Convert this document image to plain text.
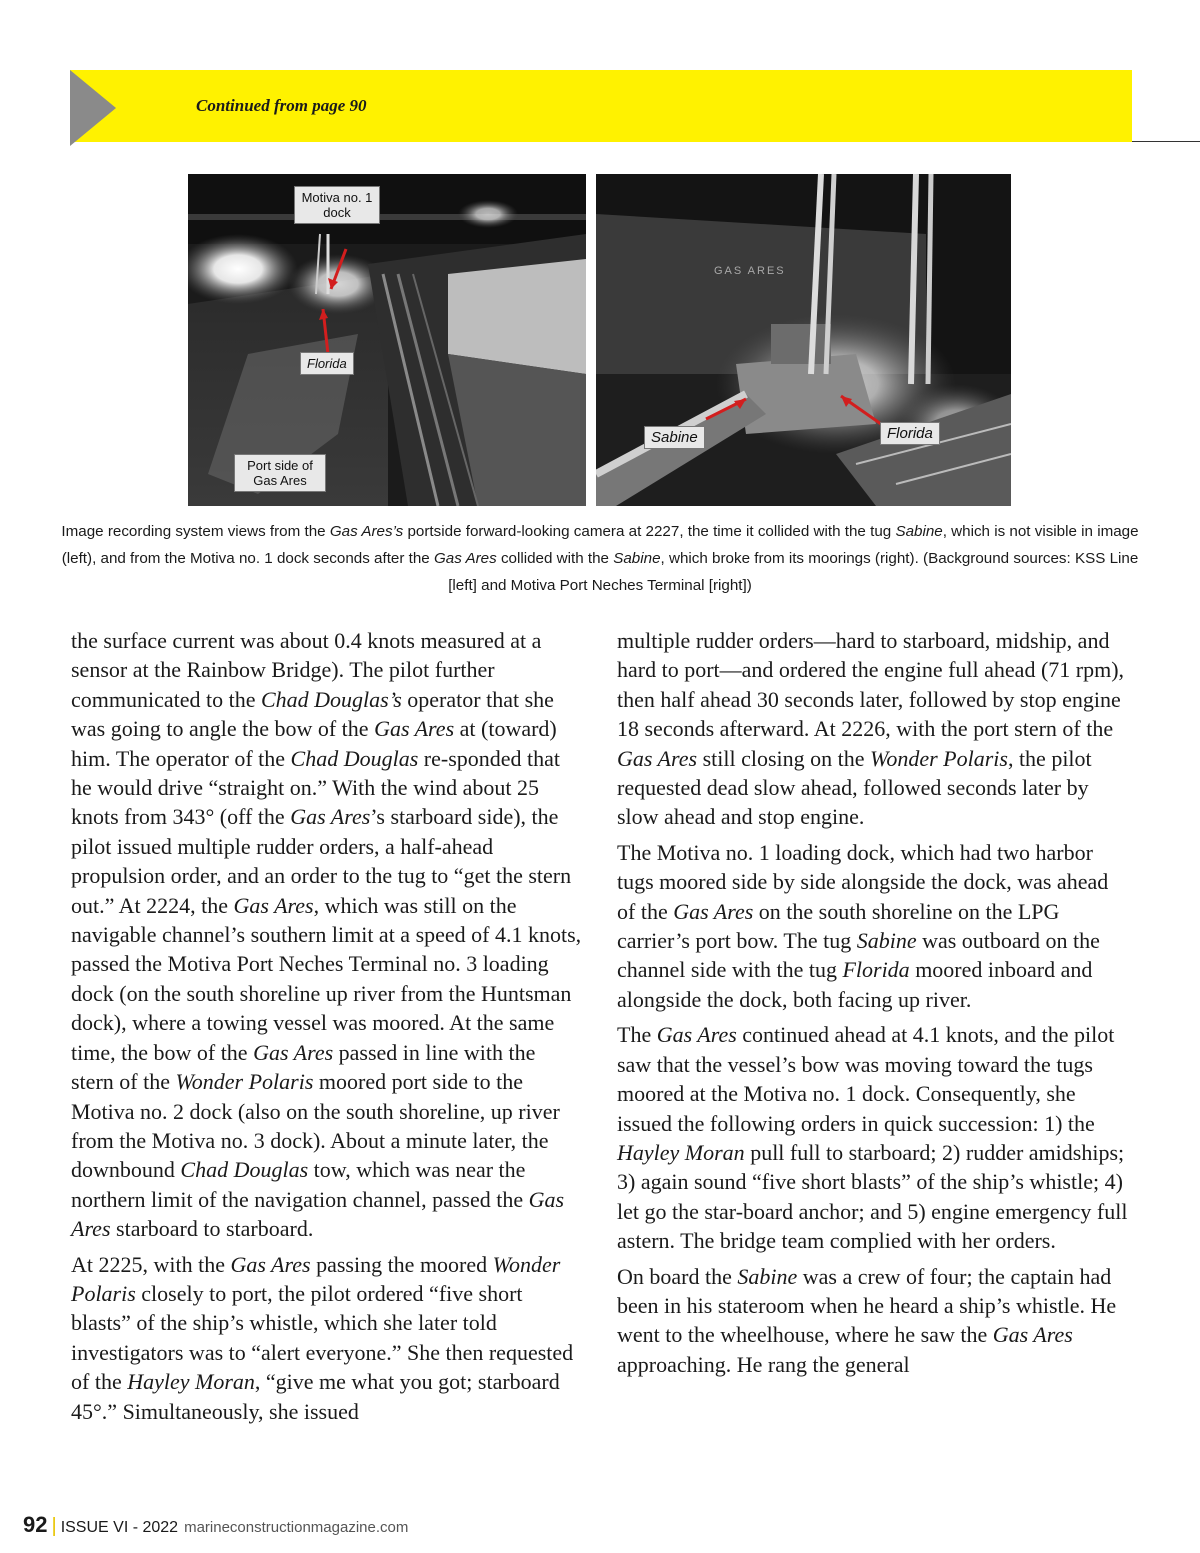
Continued from page 90
Motiva no. 1
dock
Florida
Port side of
Gas Ares
GAS ARES
Sabine	Florida
Image recording system views from the Gas Ares’s portside forward-looking camera at 2227, the time it collided with the tug Sabine, which is not visible in image (left), and from the Motiva no. 1 dock seconds after the Gas Ares collided with the Sabine, which broke from its moorings (right). (Background sources: KSS Line [left] and Motiva Port Neches Terminal [right])

the surface current was about 0.4 knots measured at a sensor at the Rainbow Bridge). The pilot further communicated to the Chad Douglas’s operator that she was going to angle the bow of the Gas Ares at (toward) him. The operator of the Chad Douglas re-sponded that he would drive “straight on.” With the wind about 25 knots from 343° (off the Gas Ares’s starboard side), the pilot issued multiple rudder orders, a half-ahead propulsion order, and an order to the tug to “get the stern out.” At 2224, the Gas Ares, which was still on the navigable channel’s southern limit at a speed of 4.1 knots, passed the Motiva Port Neches Terminal no. 3 loading dock (on the south shoreline up river from the Huntsman dock), where a towing vessel was moored. At the same time, the bow of the Gas Ares passed in line with the stern of the Wonder Polaris moored port side to the Motiva no. 2 dock (also on the south shoreline, up river from the Motiva no. 3 dock). About a minute later, the downbound Chad Douglas tow, which was near the northern limit of the navigation channel, passed the Gas Ares starboard to starboard.

At 2225, with the Gas Ares passing the moored Wonder Polaris closely to port, the pilot ordered “five short blasts” of the ship’s whistle, which she later told investigators was to “alert everyone.” She then requested of the Hayley Moran, “give me what you got; starboard 45°.” Simultaneously, she issued

multiple rudder orders—hard to starboard, midship, and hard to port—and ordered the engine full ahead (71 rpm), then half ahead 30 seconds later, followed by stop engine 18 seconds afterward. At 2226, with the port stern of the Gas Ares still closing on the Wonder Polaris, the pilot requested dead slow ahead, followed seconds later by slow ahead and stop engine.

The Motiva no. 1 loading dock, which had two harbor tugs moored side by side alongside the dock, was ahead of the Gas Ares on the south shoreline on the LPG carrier’s port bow. The tug Sabine was outboard on the channel side with the tug Florida moored inboard and alongside the dock, both facing up river.

The Gas Ares continued ahead at 4.1 knots, and the pilot saw that the vessel’s bow was moving toward the tugs moored at the Motiva no. 1 dock. Consequently, she issued the following orders in quick succession: 1) the Hayley Moran pull full to starboard; 2) rudder amidships; 3) again sound “five short blasts” of the ship’s whistle; 4) let go the star-board anchor; and 5) engine emergency full astern. The bridge team complied with her orders.

On board the Sabine was a crew of four; the captain had been in his stateroom when he heard a ship’s whistle. He went to the wheelhouse, where he saw the Gas Ares approaching. He rang the general

92 | ISSUE VI - 2022 marineconstructionmagazine.com
